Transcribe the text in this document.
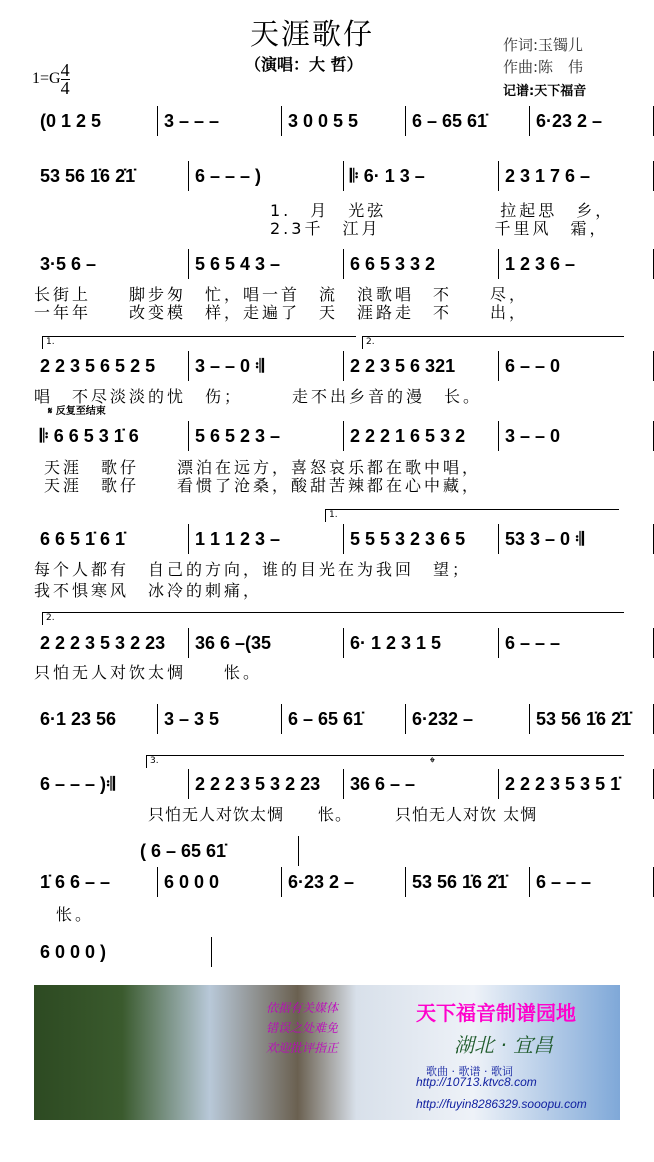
天涯歌仔
（演唱：大 哲）
作词:玉镯儿
作曲:陈　伟
记谱:天下福音
$1=G \frac{4}{4}$
(0 1 2 5	3 – – –	3 0 0 5 5	6 – 65 61̇	6·23 2 –
53 56 1̇6 2̇1̇	6 – – – )	𝄆 6· 1 3 –	2 3 1 7 6 –
3·5 6 –	5 6 5 4 3 –	6 6 5 3 3 2	1 2 3 6 –
2 2 3 5 6 5 2 5	3 – – 0 𝄇	2 2 3 5 6 321	6 – – 0
𝄆 6 6 5 3 1̇ 6	5 6 5 2 3 –	2 2 2 1 6 5 3 2	3 – – 0
6 6 5 1̇ 6 1̇	1 1 1 2 3 –	5 5 5 3 2 3 6 5	53 3 – 0 𝄇
2 2 2 3 5 3 2 23	36 6 –(35	6· 1 2 3 1 5	6 – – –
6·1 23 56	3 – 3 5	6 – 65 61̇	6·232 –	53 56 1̇6 2̇1̇
6 – – – )𝄇	2 2 2 3 5 3 2 23	36 6 – –	2 2 2 3 5 3 5 1̇
( 6 – 65 61̇
1̇ 6 6 – –	6 0 0 0	6·23 2 –	53 56 1̇6 2̇1̇	6 – – –
6 0 0 0 )
1.　月　光弦　　　　　　拉起思　乡，
2.3千　江月　　　　　　千里风　霜，
长街上　　脚步匆　忙，唱一首　流　浪歌唱　不　　尽，
一年年　　改变模　样，走遍了　天　涯路走　不　　出，
唱　不尽淡淡的忧　伤；　　　走不出乡音的漫　长。
天涯　歌仔　　漂泊在远方，喜怒哀乐都在歌中唱，
天涯　歌仔　　看惯了沧桑，酸甜苦辣都在心中藏，
每个人都有　自己的方向，谁的目光在为我回　望；
我不惧寒风　冰冷的刺痛，
只怕无人对饮太惆　　怅。
只怕无人对饮太惆　　怅。　　　只怕无人对饮 太惆
怅。
𝄋 反复至结束
𝄌
1.	2.
1.
2.
3.
依据有关媒体
错误之处难免
欢迎批评指正
天下福音制谱园地
湖北 · 宜昌
歌曲 · 歌谱 · 歌词
http://10713.ktvc8.com
http://fuyin8286329.sooopu.com
